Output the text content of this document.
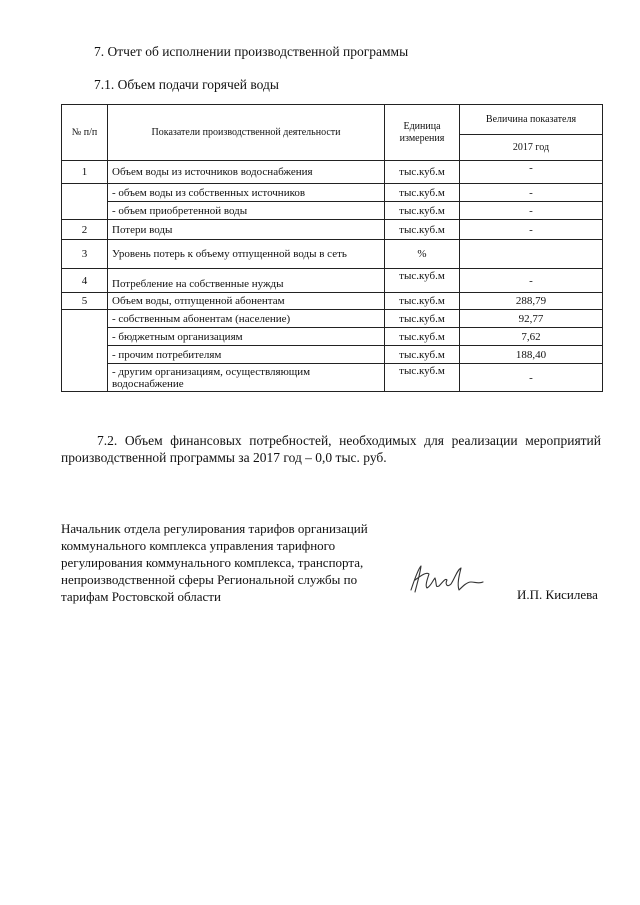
7. Отчет об исполнении производственной программы
7.1. Объем подачи горячей воды
№ п/п	Показатели производственной деятельности	Единица измерения	Величина показателя
			2017 год
1	Объем воды из источников водоснабжения	тыс.куб.м	-
	- объем воды из собственных источников	тыс.куб.м	-
	- объем приобретенной воды	тыс.куб.м	-
2	Потери воды	тыс.куб.м	-
3	Уровень потерь к объему отпущенной воды в сеть	%	
4	Потребление на собственные нужды	тыс.куб.м	-
5	Объем воды, отпущенной абонентам	тыс.куб.м	288,79
	- собственным абонентам (население)	тыс.куб.м	92,77
	- бюджетным организациям	тыс.куб.м	7,62
	- прочим потребителям	тыс.куб.м	188,40
	- другим организациям, осуществляющим водоснабжение	тыс.куб.м	-
7.2. Объем финансовых потребностей, необходимых для реализации мероприятий производственной программы за 2017 год – 0,0 тыс. руб.
Начальник отдела регулирования тарифов организаций коммунального комплекса управления тарифного регулирования коммунального комплекса, транспорта, непроизводственной сферы Региональной службы по тарифам Ростовской области	И.П. Кисилева
